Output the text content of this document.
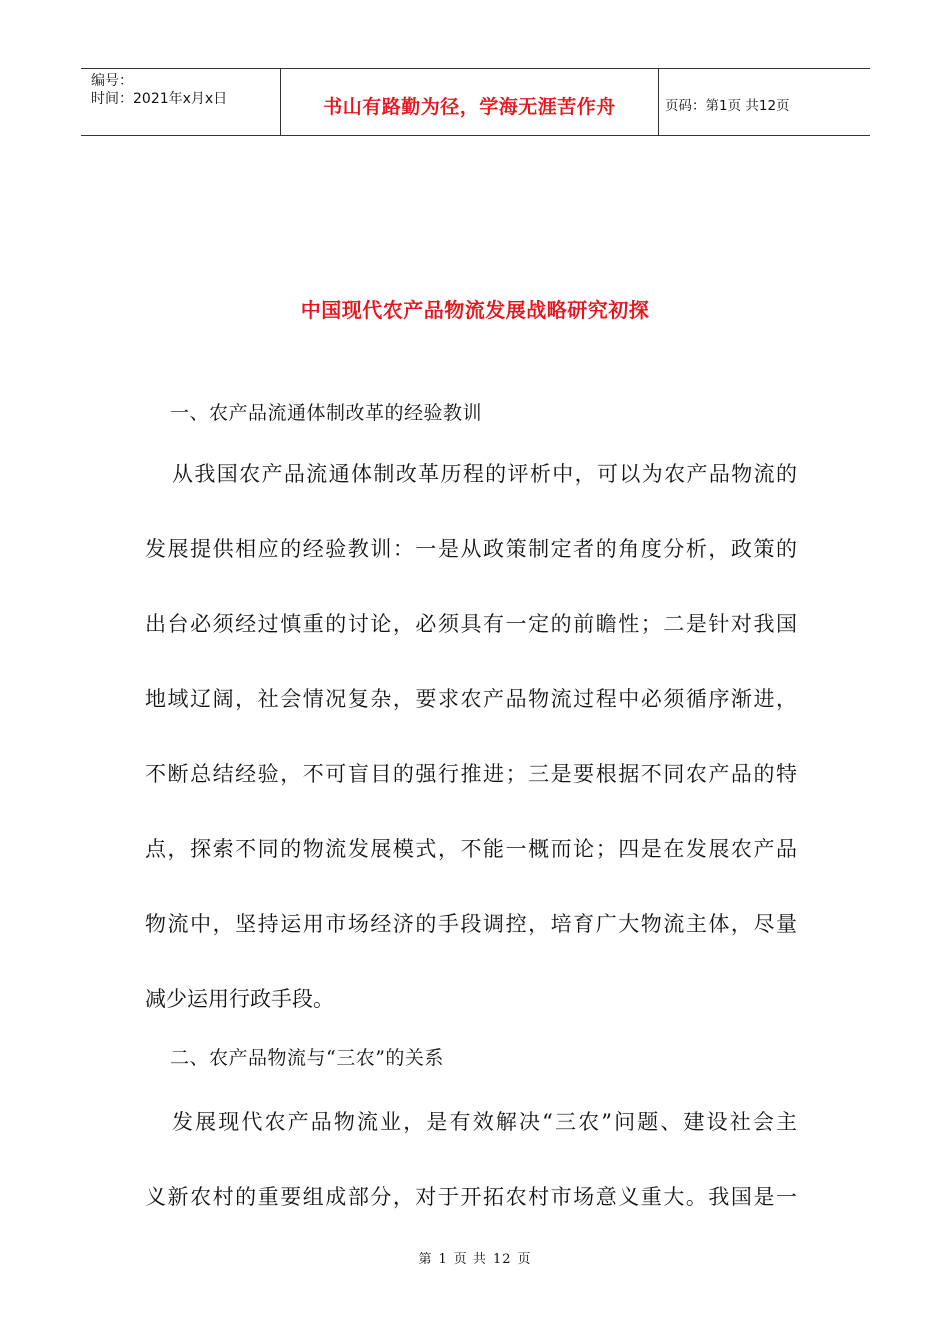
编号：
时间：2021年x月x日	书山有路勤为径，学海无涯苦作舟	页码：第1页 共12页
中国现代农产品物流发展战略研究初探
一、农产品流通体制改革的经验教训
从我国农产品流通体制改革历程的评析中，可以为农产品物流的
发展提供相应的经验教训：一是从政策制定者的角度分析，政策的
出台必须经过慎重的讨论，必须具有一定的前瞻性；二是针对我国
地域辽阔，社会情况复杂，要求农产品物流过程中必须循序渐进，
不断总结经验，不可盲目的强行推进；三是要根据不同农产品的特
点，探索不同的物流发展模式，不能一概而论；四是在发展农产品
物流中，坚持运用市场经济的手段调控，培育广大物流主体，尽量
减少运用行政手段。
二、农产品物流与“三农”的关系
发展现代农产品物流业，是有效解决“三农”问题、建设社会主
义新农村的重要组成部分，对于开拓农村市场意义重大。我国是一
第 1 页 共 12 页
